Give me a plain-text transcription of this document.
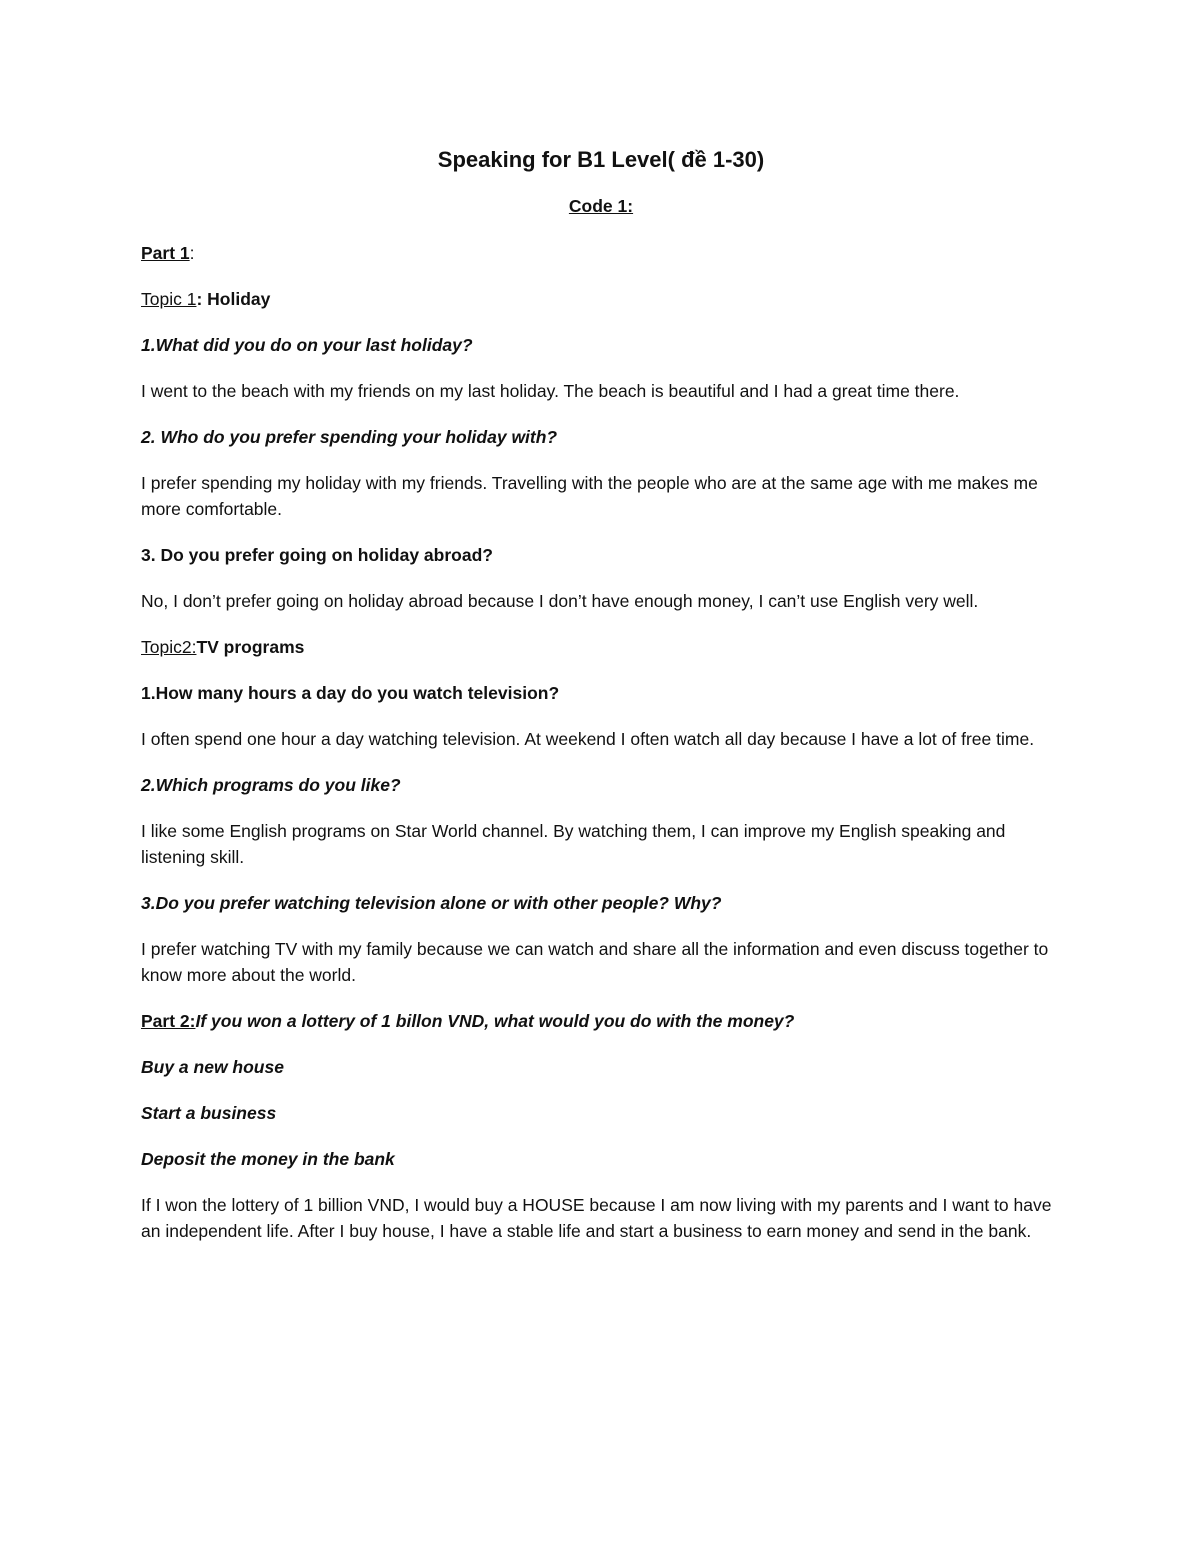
Speaking for B1 Level( đề 1-30)
Code 1:

Part 1:

Topic 1: Holiday

1.What did you do on your last holiday?

I went to the beach with my friends on my last holiday. The beach is beautiful and I had a great time there.

2. Who do you prefer spending your holiday with?

I prefer spending my holiday with my friends. Travelling with the people who are at the same age with me makes me more comfortable.

3. Do you prefer going on holiday abroad?

No, I don’t prefer going on holiday abroad because I don’t have enough money, I can’t use English very well.

Topic2:TV programs

1.How many hours a day do you watch television?

I often spend one hour a day watching television. At weekend I often watch all day because I have a lot of free time.

2.Which programs do you like?

I like some English programs on Star World channel. By watching them, I can improve my English speaking and listening skill.

3.Do you prefer watching television alone or with other people? Why?

I prefer watching TV with my family because we can watch and share all the information and even discuss together to know more about the world.

Part 2:If you won a lottery of 1 billon VND, what would you do with the money?

Buy a new house

Start a business

Deposit the money in the bank

If I won the lottery of 1 billion VND, I would buy a HOUSE because I am now living with my parents and I want to have an independent life. After I buy house, I have a stable life and start a business to earn money and send in the bank.
